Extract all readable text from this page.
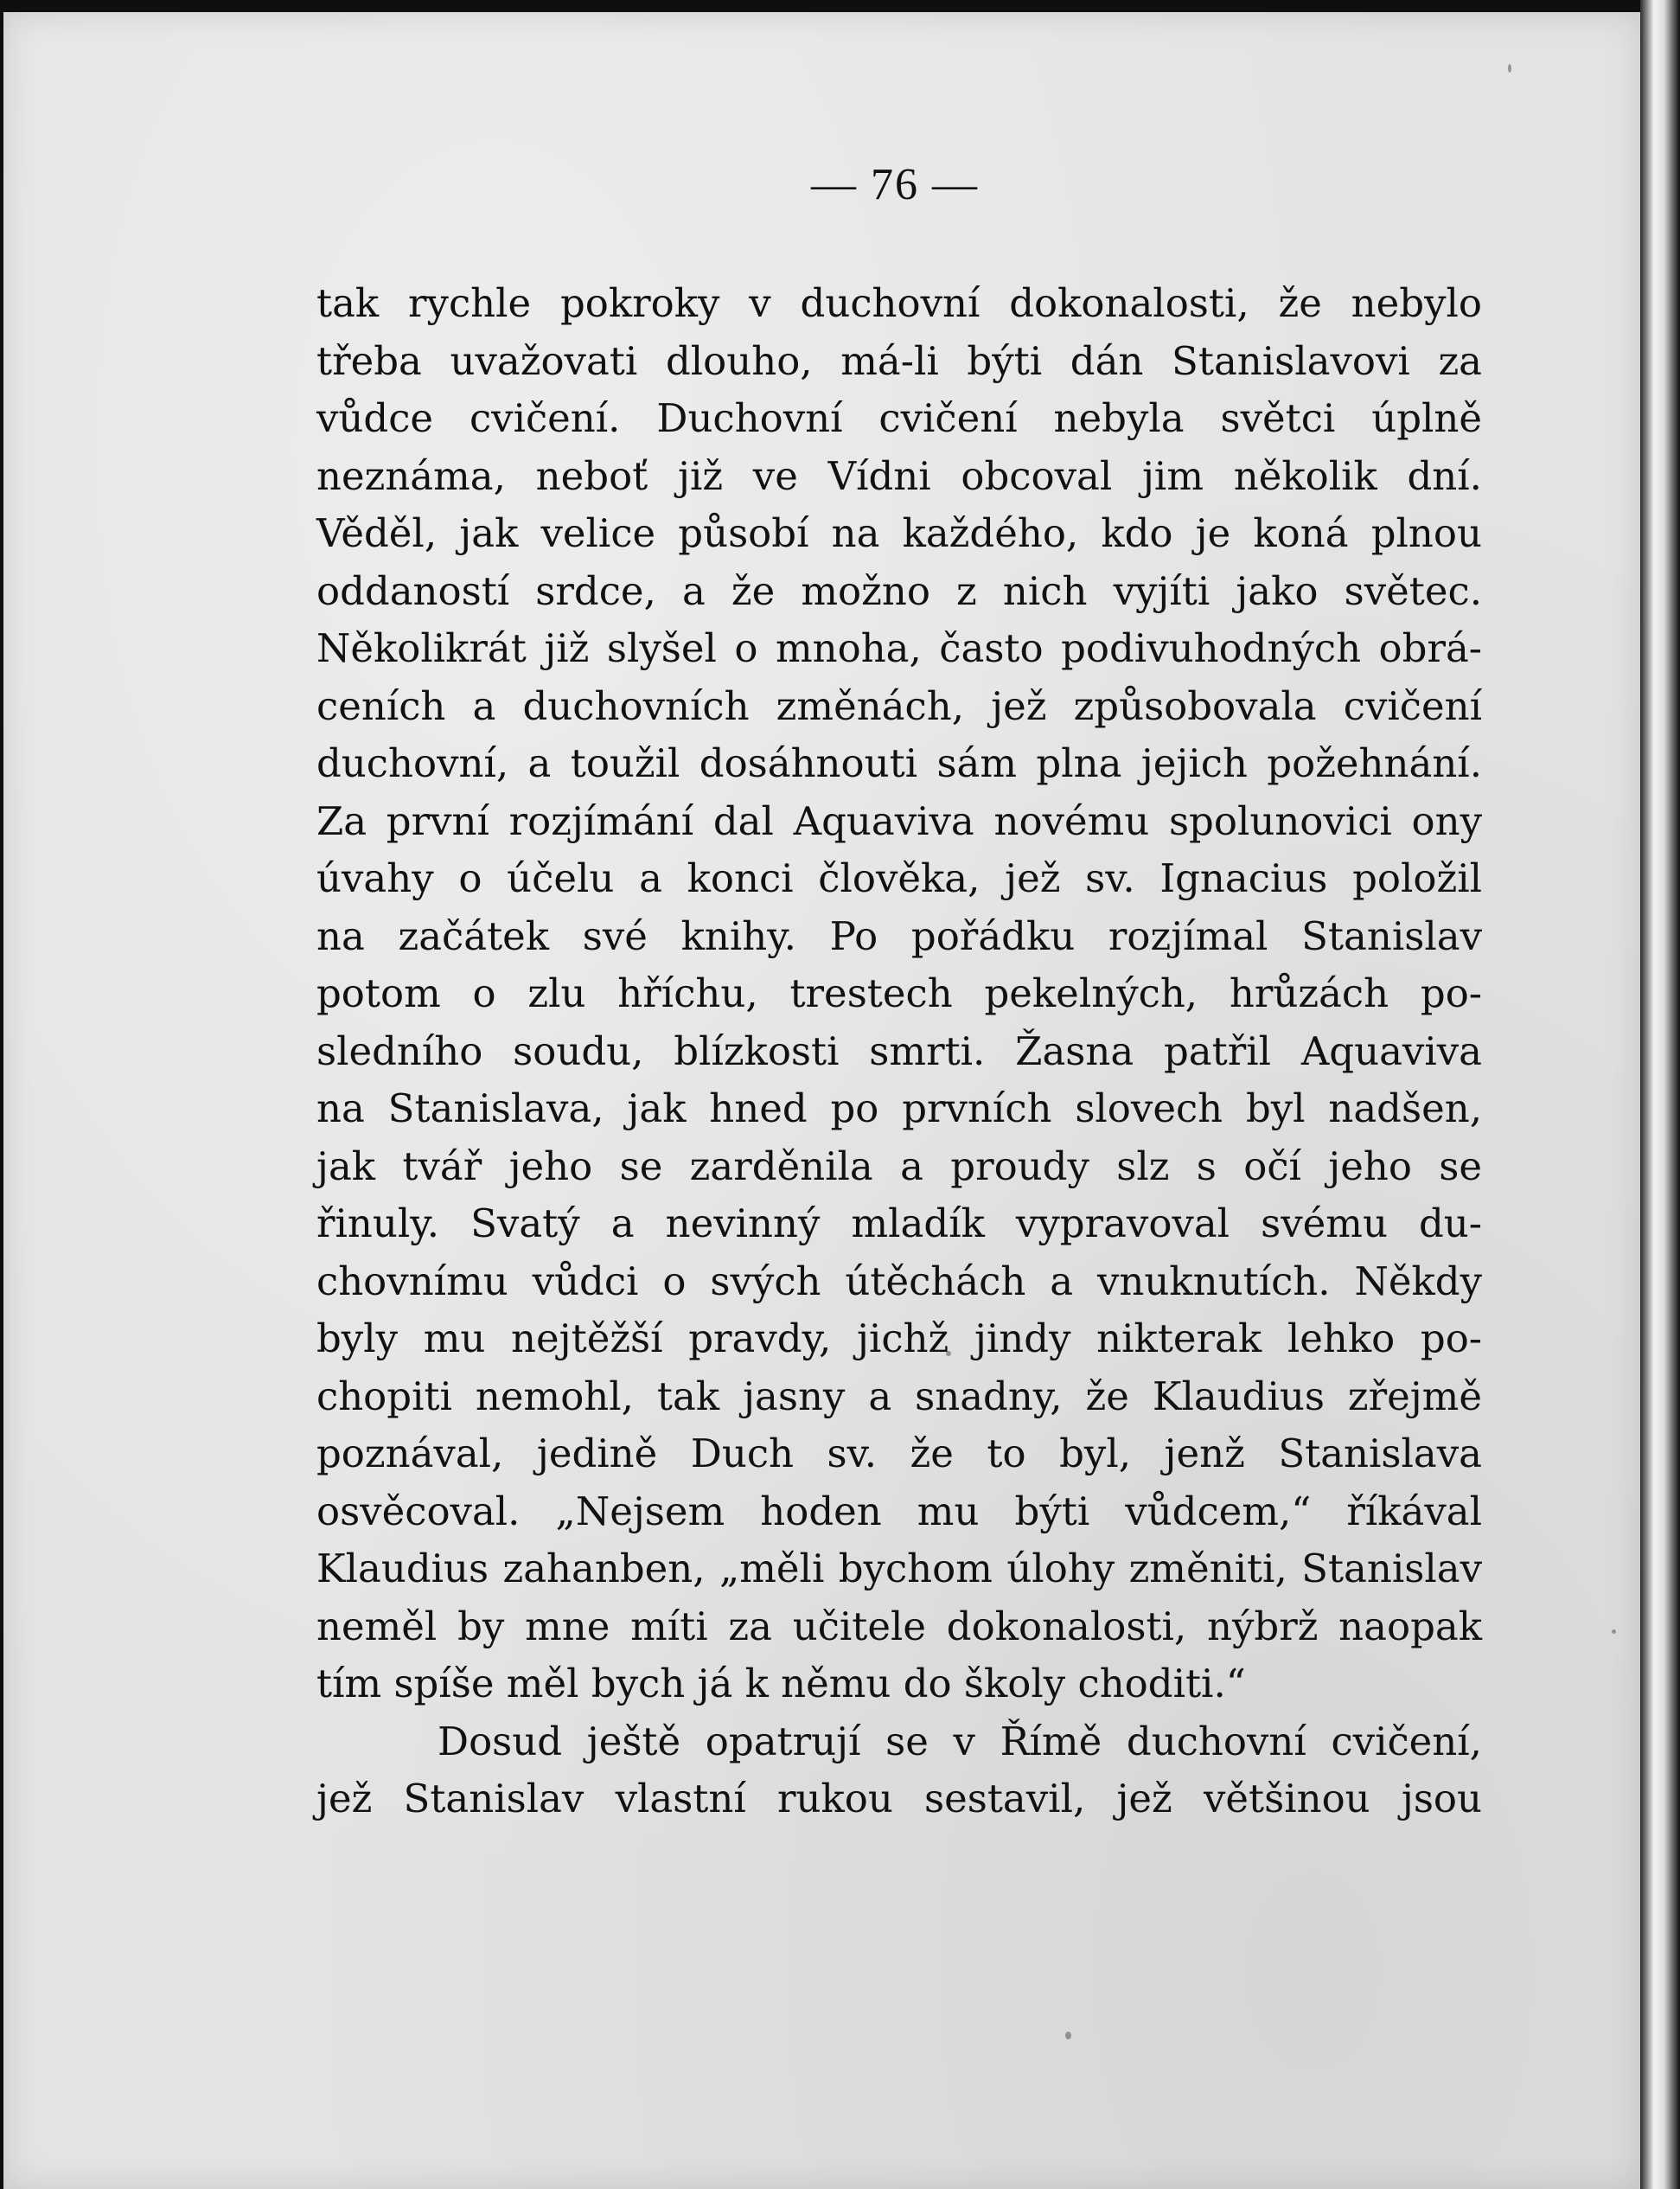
— 76 —
tak rychle pokroky v duchovní dokonalosti, že nebylo
třeba uvažovati dlouho, má-li býti dán Stanislavovi za
vůdce cvičení. Duchovní cvičení nebyla světci úplně
neznáma, neboť již ve Vídni obcoval jim několik dní.
Věděl, jak velice působí na každého, kdo je koná plnou
oddaností srdce, a že možno z nich vyjíti jako světec.
Několikrát již slyšel o mnoha, často podivuhodných obrá-
ceních a duchovních změnách, jež způsobovala cvičení
duchovní, a toužil dosáhnouti sám plna jejich požehnání.
Za první rozjímání dal Aquaviva novému spolunovici ony
úvahy o účelu a konci člověka, jež sv. Ignacius položil
na začátek své knihy. Po pořádku rozjímal Stanislav
potom o zlu hříchu, trestech pekelných, hrůzách po-
sledního soudu, blízkosti smrti. Žasna patřil Aquaviva
na Stanislava, jak hned po prvních slovech byl nadšen,
jak tvář jeho se zarděnila a proudy slz s očí jeho se
řinuly. Svatý a nevinný mladík vypravoval svému du-
chovnímu vůdci o svých útěchách a vnuknutích. Někdy
byly mu nejtěžší pravdy, jichž jindy nikterak lehko po-
chopiti nemohl, tak jasny a snadny, že Klaudius zřejmě
poznával, jedině Duch sv. že to byl, jenž Stanislava
osvěcoval. „Nejsem hoden mu býti vůdcem,“ říkával
Klaudius zahanben, „měli bychom úlohy změniti, Stanislav
neměl by mne míti za učitele dokonalosti, nýbrž naopak
tím spíše měl bych já k němu do školy choditi.“
Dosud ještě opatrují se v Římě duchovní cvičení,
jež Stanislav vlastní rukou sestavil, jež většinou jsou
